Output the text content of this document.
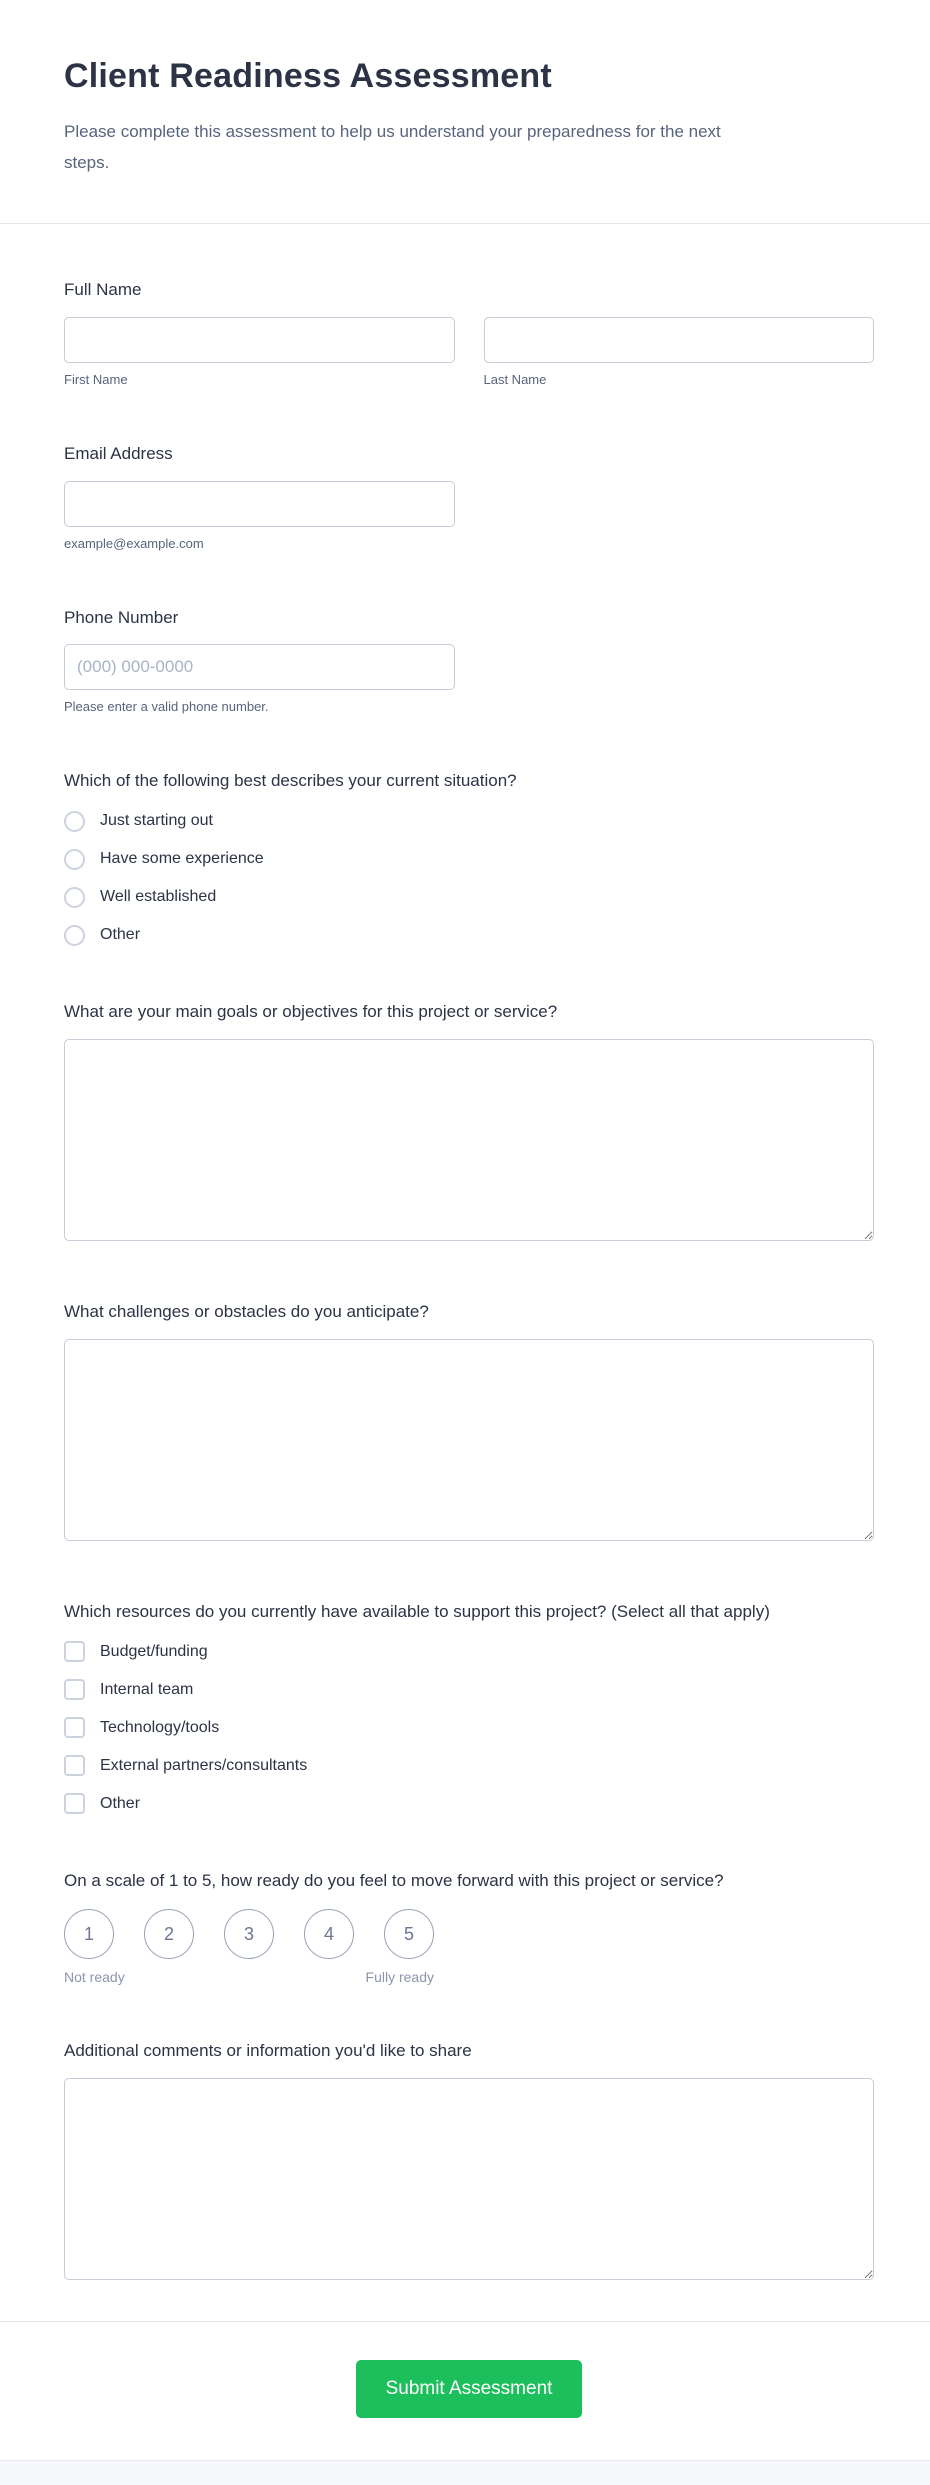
Client Readiness Assessment

Please complete this assessment to help us understand your preparedness for the next steps.

Full Name
First Name	Last Name
Email Address
example@example.com
Phone Number
(000) 000-0000
Please enter a valid phone number.
Which of the following best describes your current situation?
Just starting out
Have some experience
Well established
Other
What are your main goals or objectives for this project or service?
What challenges or obstacles do you anticipate?
Which resources do you currently have available to support this project? (Select all that apply)
Budget/funding
Internal team
Technology/tools
External partners/consultants
Other
On a scale of 1 to 5, how ready do you feel to move forward with this project or service?
1	2	3	4	5
Not ready	Fully ready
Additional comments or information you'd like to share
Submit Assessment
